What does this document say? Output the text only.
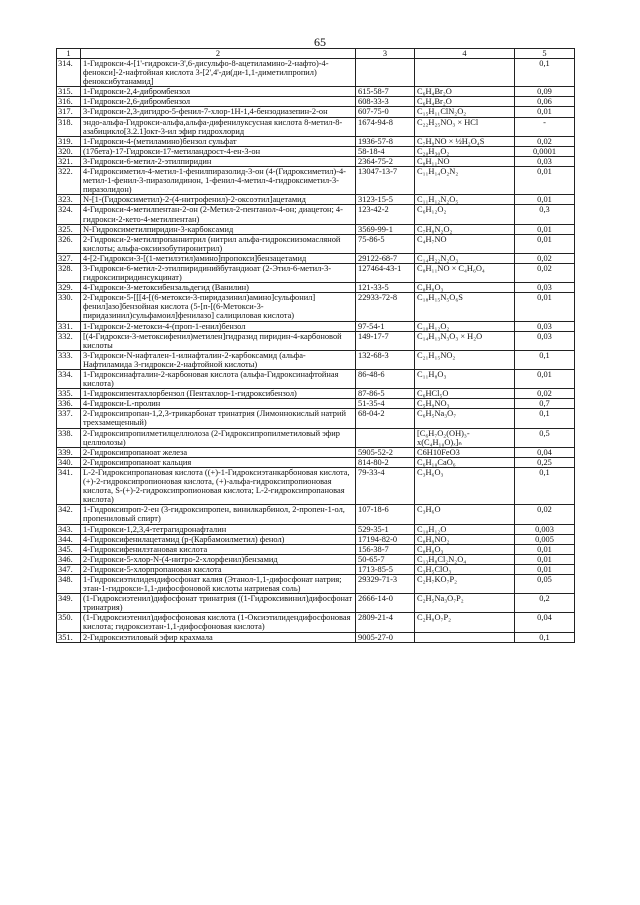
65
1	2	3	4	5
314.	1-Гидрокси-4-[1'-гидрокси-3',6-дисульфо-8-ацетиламино-2-нафто)-4-фенокси]-2-нафтойная кислота 3-[2',4'-ди(ди-1,1-диметилпропил) феноксибутанамид]			0,1
315.	1-Гидрокси-2,4-дибромбензол	615-58-7	C₆H₄Br₂O	0,09
316.	1-Гидрокси-2,6-дибромбензол	608-33-3	C₆H₄Br₂O	0,06
317.	3-Гидрокси-2,3-дигидро-5-фенил-7-хлор-1Н-1,4-бензодиазепин-2-он	607-75-0	C₁₅H₁₁ClN₂O₂	0,01
318.	эндо-альфа-Гидрокси-альфа,альфа-дифенилуксусная кислота 8-метил-8-азабицикло[3.2.1]окт-3-ил эфир гидрохлорид	1674-94-8	C₂₂H₂₅NO₃ × HCl	-
319.	1-Гидрокси-4-(метиламино)бензол сульфат	1936-57-8	C₇H₉NO × ½H₂O₄S	0,02
320.	(17бета)-17-Гидрокси-17-метиландрост-4-ен-3-он	58-18-4	C₂₀H₃₀O₂	0,0001
321.	3-Гидрокси-6-метил-2-этилпиридин	2364-75-2	C₈H₁₁NO	0,03
322.	4-Гидроксиметил-4-метил-1-фенилпиразолид-3-он (4-(Гидроксиметил)-4-метил-1-фенил-3-пиразолидинон, 1-фенил-4-метил-4-гидроксиметил-3-пиразолидон)	13047-13-7	C₁₁H₁₄O₂N₂	0,01
323.	N-[1-(Гидроксиметил)-2-(4-нитрофенил)-2-оксоэтил]ацетамид	3123-15-5	C₁₁H₁₂N₂O₅	0,01
324.	4-Гидрокси-4-метилпентан-2-он (2-Метил-2-пентанол-4-он; диацетон; 4-гидрокси-2-кето-4-метилпентан)	123-42-2	C₆H₁₂O₂	0,3
325.	N-Гидроксиметилпиридин-3-карбоксамид	3569-99-1	C₇H₈N₂O₂	0,01
326.	2-Гидрокси-2-метилпропаннитрил (нитрил альфа-гидроксиизомасляной кислоты; альфа-оксиизобутиронитрил)	75-86-5	C₄H₇NO	0,01
327.	4-[2-Гидрокси-3-[(1-метилэтил)амино]пропокси]бензацетамид	29122-68-7	C₁₄H₂₂N₂O₃	0,02
328.	3-Гидрокси-6-метил-2-этилпиридинийбутандиоат (2-Этил-6-метил-3-гидроксипиридинсукцинат)	127464-43-1	C₈H₁₁NO × C₄H₆O₄	0,02
329.	4-Гидрокси-3-метоксибензальдегид (Ванилин)	121-33-5	C₈H₈O₃	0,03
330.	2-Гидрокси-5-[[[4-[(6-метокси-3-пиридазинил)амино]сульфонил] фенил]азо]бензойная кислота (5-[п-[(6-Метокси-3-пиридазинил)сульфамоил]фенилазо] салициловая кислота)	22933-72-8	C₁₈H₁₅N₅O₆S	0,01
331.	1-Гидрокси-2-метокси-4-(проп-1-енил)бензол	97-54-1	C₁₀H₁₂O₂	0,03
332.	[(4-Гидрокси-3-метоксифенил)метилен]гидразид пиридин-4-карбоновой кислоты	149-17-7	C₁₄H₁₃N₃O₃ × H₂O	0,03
333.	3-Гидрокси-N-нафтален-1-илнафталин-2-карбоксамид (альфа-Нафтиламида 3-гидрокси-2-нафтойной кислоты)	132-68-3	C₂₁H₁₅NO₂	0,1
334.	1-Гидроксинафталин-2-карбоновая кислота (альфа-Гидроксинафтойная кислота)	86-48-6	C₁₁H₈O₃	0,01
335.	1-Гидроксипентахлорбензол (Пентахлор-1-гидроксибензол)	87-86-5	C₆HCl₅O	0,02
336.	4-Гидрокси-L-пролин	51-35-4	C₅H₉NO₃	0,7
337.	2-Гидроксипропан-1,2,3-трикарбонат тринатрия (Лимоннокислый натрий трехзамещенный)	68-04-2	C₆H₅Na₃O₇	0,1
338.	2-Гидроксипропилметилцеллюлоза (2-Гидроксипропилметиловый эфир целлюлозы)		[C₆H₇O₂(OH)₃-x(C₄H₁₀O)ₓ]ₙ	0,5
339.	2-Гидроксипропаноат железа	5905-52-2	C6H10FeO3	0,04
340.	2-Гидроксипропаноат кальция	814-80-2	C₆H₁₀CaO₆	0,25
341.	L-2-Гидроксипропановая кислота ((+)-1-Гидроксиэтанкарбоновая кислота, (+)-2-гидроксипропионовая кислота, (+)-альфа-гидроксипропионовая кислота, S-(+)-2-гидроксипропионовая кислота; L-2-гидроксипропановая кислота)	79-33-4	C₃H₆O₃	0,1
342.	1-Гидроксипроп-2-ен (3-гидроксипропен, винилкарбинол, 2-пропен-1-ол, пропениловый спирт)	107-18-6	C₃H₆O	0,02
343.	1-Гидрокси-1,2,3,4-тетрагидронафталин	529-35-1	C₁₀H₁₂O	0,003
344.	4-Гидроксифенилацетамид (р-(Карбамоилметил) фенол)	17194-82-0	C₈H₉NO₂	0,005
345.	4-Гидроксифенилэтановая кислота	156-38-7	C₈H₈O₃	0,01
346.	2-Гидрокси-5-хлор-N-(4-нитро-2-хлорфенил)бензамид	50-65-7	C₁₃H₈Cl₂N₂O₄	0,01
347.	2-Гидрокси-5-хлорпропановая кислота	1713-85-5	C₃H₅ClO₃	0,01
348.	1-Гидроксиэтилидендифосфонат калия (Этанол-1,1-дифосфонат натрия; этан-1-гидрокси-1,1-дифосфоновой кислоты натриевая соль)	29329-71-3	C₂H₇KO₇P₂	0,05
349.	(1-Гидроксиэтенил)дифосфонат тринатрия ((1-Гидроксивинил)дифосфонат тринатрия)	2666-14-0	C₂H₅Na₃O₇P₂	0,2
350.	(1-Гидроксиэтенил)дифосфоновая кислота (1-Оксиэтилидендифосфоновая кислота; гидроксиэтан-1,1-дифосфоновая кислота)	2809-21-4	C₂H₈O₇P₂	0,04
351.	2-Гидроксиэтиловый эфир крахмала	9005-27-0		0,1
